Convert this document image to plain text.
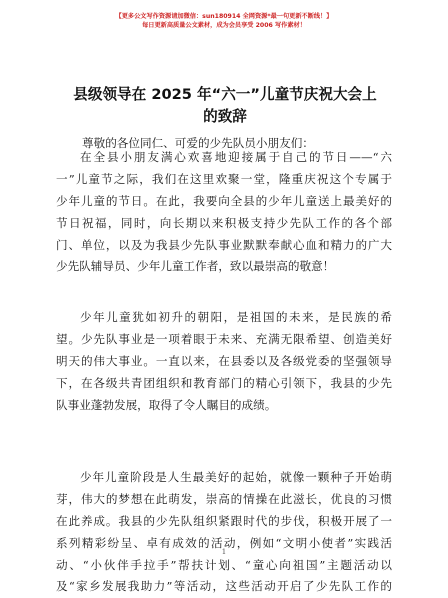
【更多公文写作资源请加微信：sun180914 全网资源*最一句更新不断线！】
每日更新高质量公文素材，成为会员享受 2006 写作素材！
县级领导在 2025 年“六一”儿童节庆祝大会上
的致辞
尊敬的各位同仁、可爱的少先队员小朋友们：
在全县小朋友满心欢喜地迎接属于自己的节日——“六
一”儿童节之际，我们在这里欢聚一堂，隆重庆祝这个专属于
少年儿童的节日。在此，我要向全县的少年儿童送上最美好的
节日祝福，同时，向长期以来积极支持少先队工作的各个部
门、单位，以及为我县少先队事业默默奉献心血和精力的广大
少先队辅导员、少年儿童工作者，致以最崇高的敬意！
少年儿童犹如初升的朝阳，是祖国的未来，是民族的希
望。少先队事业是一项着眼于未来、充满无限希望、创造美好
明天的伟大事业。一直以来，在县委以及各级党委的坚强领导
下，在各级共青团组织和教育部门的精心引领下，我县的少先
队事业蓬勃发展，取得了令人瞩目的成绩。
少年儿童阶段是人生最美好的起始，就像一颗种子开始萌
芽，伟大的梦想在此萌发，崇高的情操在此滋长，优良的习惯
在此养成。我县的少先队组织紧跟时代的步伐，积极开展了一
系列精彩纷呈、卓有成效的活动，例如“文明小使者”实践活
动、“小伙伴手拉手”帮扶计划、“童心向祖国”主题活动以
及“家乡发展我助力”等活动，这些活动开启了少先队工作的
1
